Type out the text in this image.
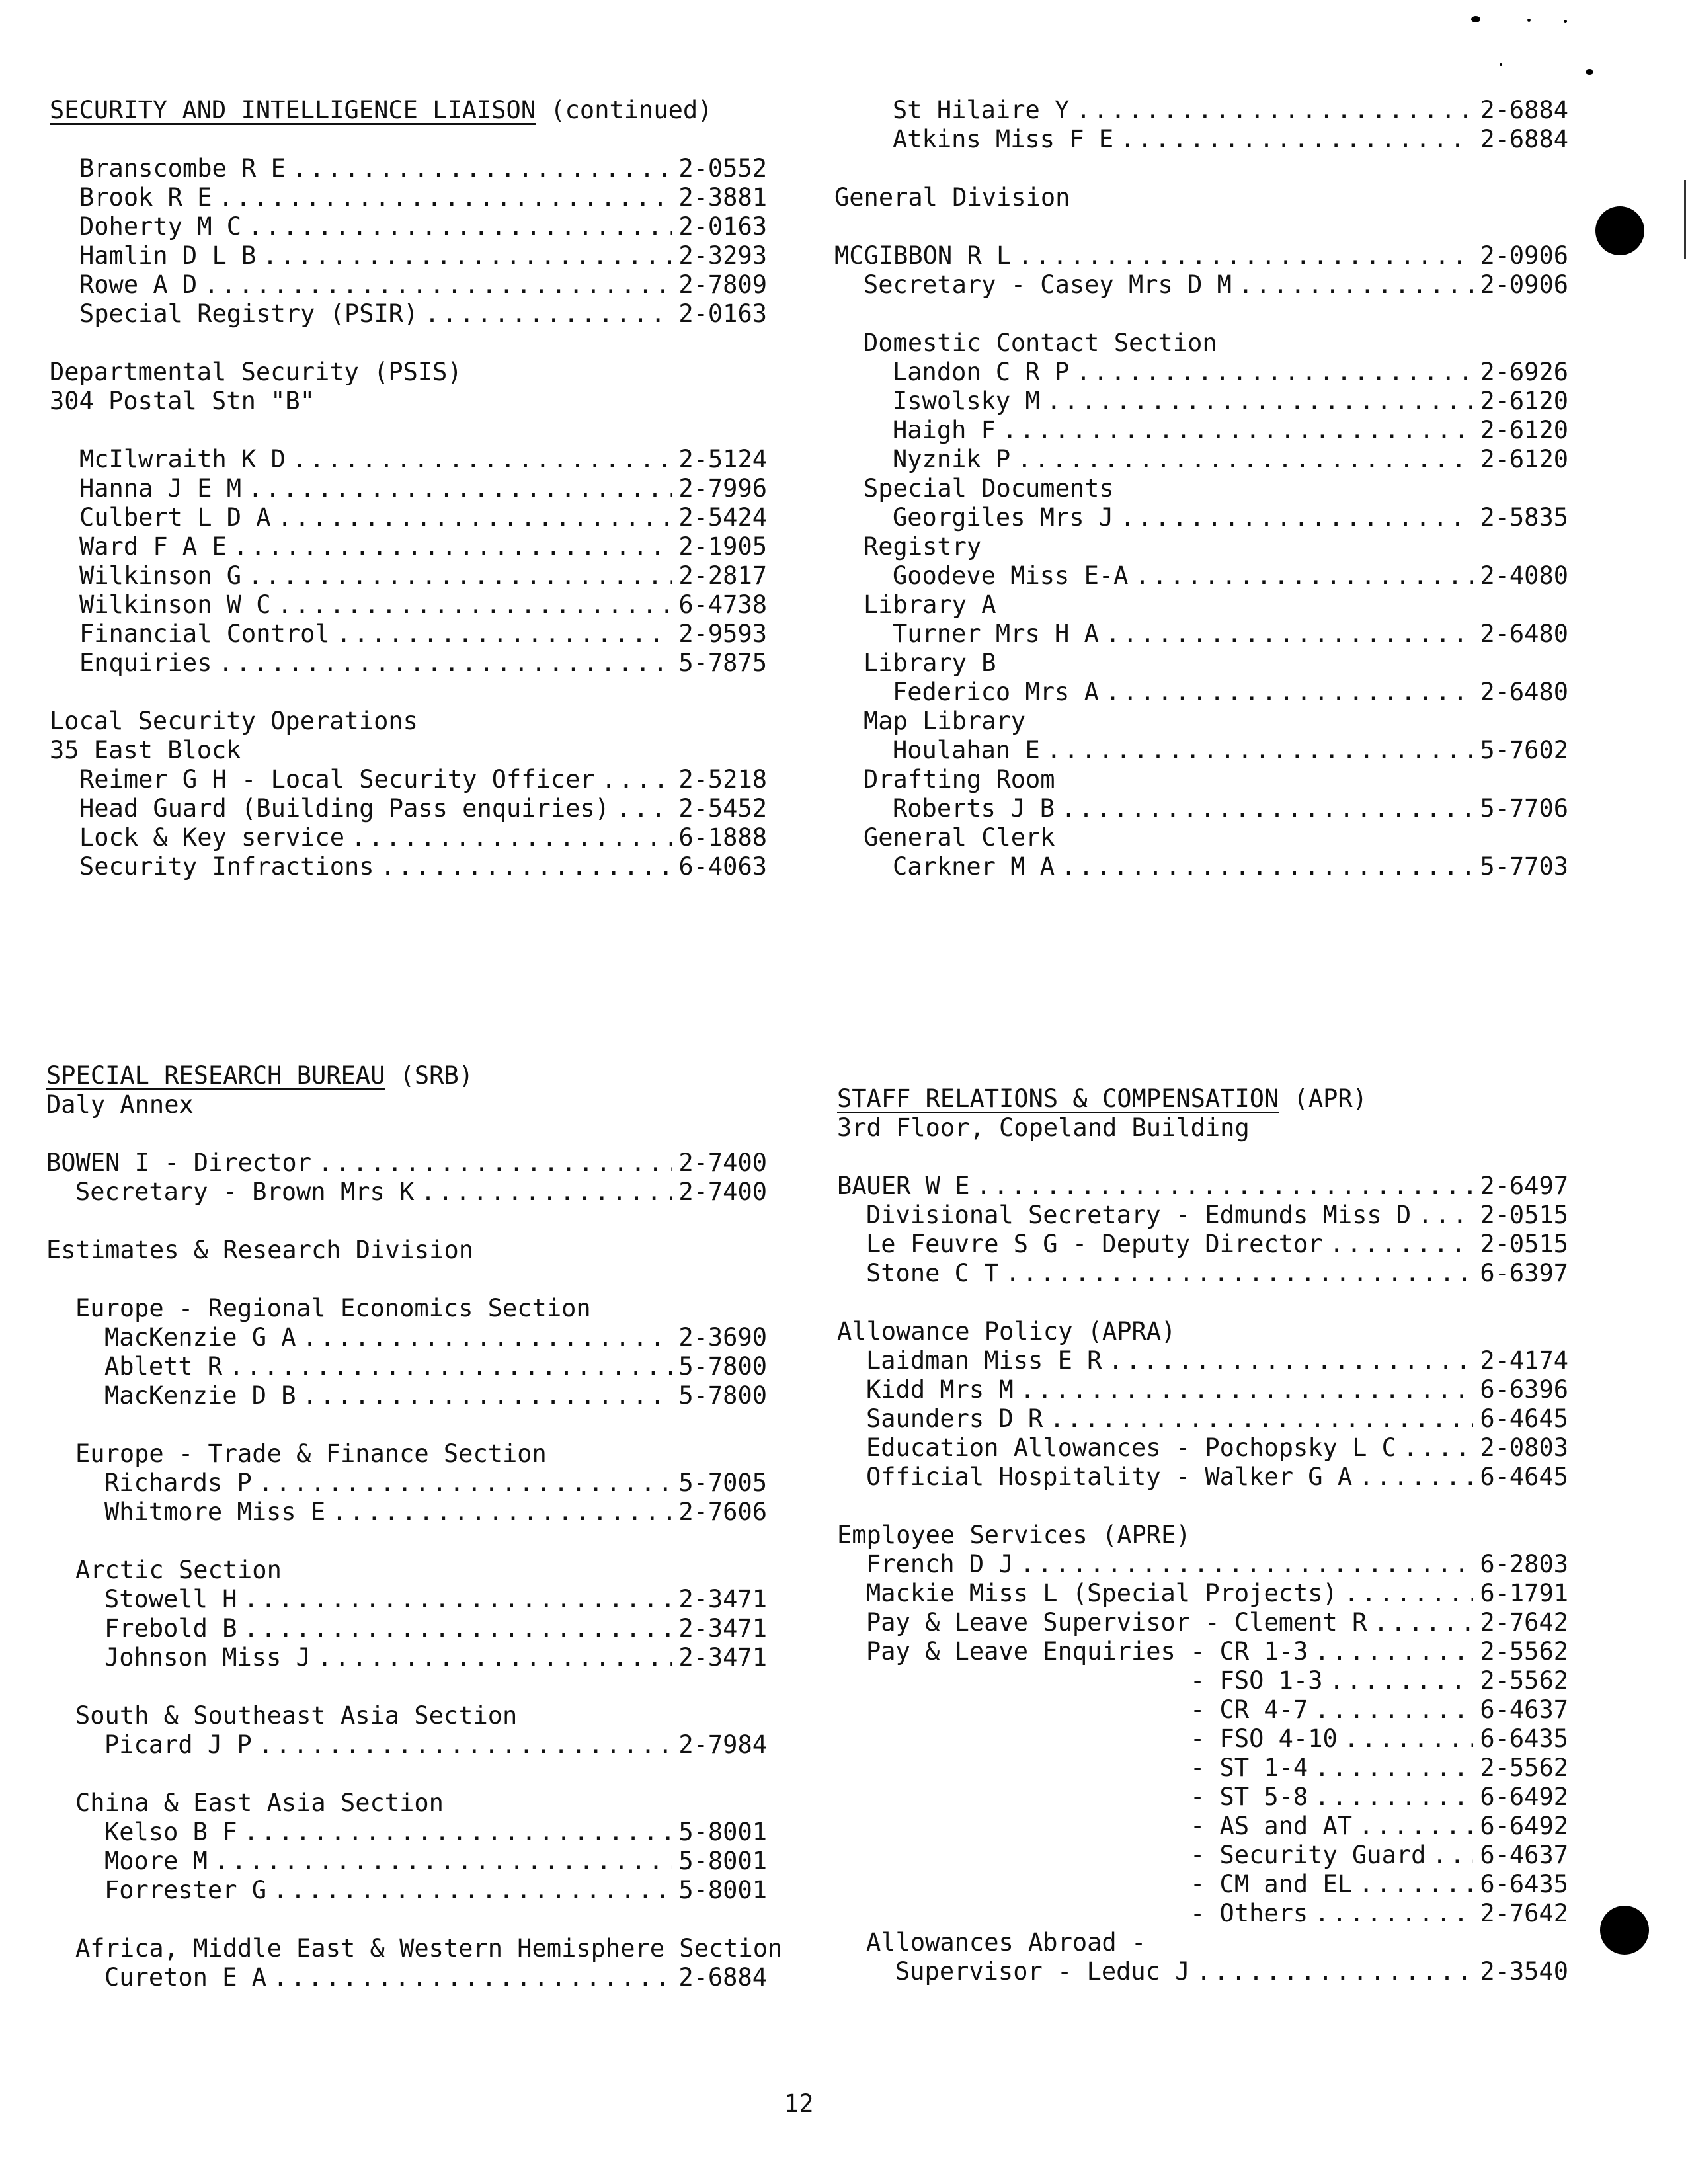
SECURITY AND INTELLIGENCE LIAISON (continued)
Branscombe R E .....	2-0552
Brook R E .....	2-3881
Doherty M C .....	2-0163
Hamlin D L B .....	2-3293
Rowe A D .....	2-7809
Special Registry (PSIR) .....	2-0163
Departmental Security (PSIS)
304 Postal Stn "B"
McIlwraith K D .....	2-5124
Hanna J E M .....	2-7996
Culbert L D A .....	2-5424
Ward F A E .....	2-1905
Wilkinson G .....	2-2817
Wilkinson W C .....	6-4738
Financial Control .....	2-9593
Enquiries .....	5-7875
Local Security Operations
35 East Block
Reimer G H - Local Security Officer .....	2-5218
Head Guard (Building Pass enquiries) .....	2-5452
Lock & Key service .....	6-1888
Security Infractions .....	6-4063
St Hilaire Y .....	2-6884
Atkins Miss F E .....	2-6884
General Division
MCGIBBON R L .....	2-0906
Secretary - Casey Mrs D M .....	2-0906
Domestic Contact Section
Landon C R P .....	2-6926
Iswolsky M .....	2-6120
Haigh F .....	2-6120
Nyznik P .....	2-6120
Special Documents
Georgiles Mrs J .....	2-5835
Registry
Goodeve Miss E-A .....	2-4080
Library A
Turner Mrs H A .....	2-6480
Library B
Federico Mrs A .....	2-6480
Map Library
Houlahan E .....	5-7602
Drafting Room
Roberts J B .....	5-7706
General Clerk
Carkner M A .....	5-7703
SPECIAL RESEARCH BUREAU (SRB)
Daly Annex
BOWEN I - Director .....	2-7400
Secretary - Brown Mrs K .....	2-7400
Estimates & Research Division
Europe - Regional Economics Section
MacKenzie G A .....	2-3690
Ablett R .....	5-7800
MacKenzie D B .....	5-7800
Europe - Trade & Finance Section
Richards P .....	5-7005
Whitmore Miss E .....	2-7606
Arctic Section
Stowell H .....	2-3471
Frebold B .....	2-3471
Johnson Miss J .....	2-3471
South & Southeast Asia Section
Picard J P .....	2-7984
China & East Asia Section
Kelso B F .....	5-8001
Moore M .....	5-8001
Forrester G .....	5-8001
Africa, Middle East & Western Hemisphere Section
Cureton E A .....	2-6884
STAFF RELATIONS & COMPENSATION (APR)
3rd Floor, Copeland Building
BAUER W E .....	2-6497
Divisional Secretary - Edmunds Miss D .....	2-0515
Le Feuvre S G - Deputy Director .....	2-0515
Stone C T .....	6-6397
Allowance Policy (APRA)
Laidman Miss E R .....	2-4174
Kidd Mrs M .....	6-6396
Saunders D R .....	6-4645
Education Allowances - Pochopsky L C .....	2-0803
Official Hospitality - Walker G A .....	6-4645
Employee Services (APRE)
French D J .....	6-2803
Mackie Miss L (Special Projects) .....	6-1791
Pay & Leave Supervisor - Clement R .....	2-7642
Pay & Leave Enquiries - CR 1-3 .....	2-5562
- FSO 1-3 .....	2-5562
- CR 4-7 .....	6-4637
- FSO 4-10 .....	6-6435
- ST 1-4 .....	2-5562
- ST 5-8 .....	6-6492
- AS and AT .....	6-6492
- Security Guard ..... 6-4637
- CM and EL .....	6-6435
- Others .....	2-7642
Allowances Abroad -
Supervisor - Leduc J .....	2-3540
12
